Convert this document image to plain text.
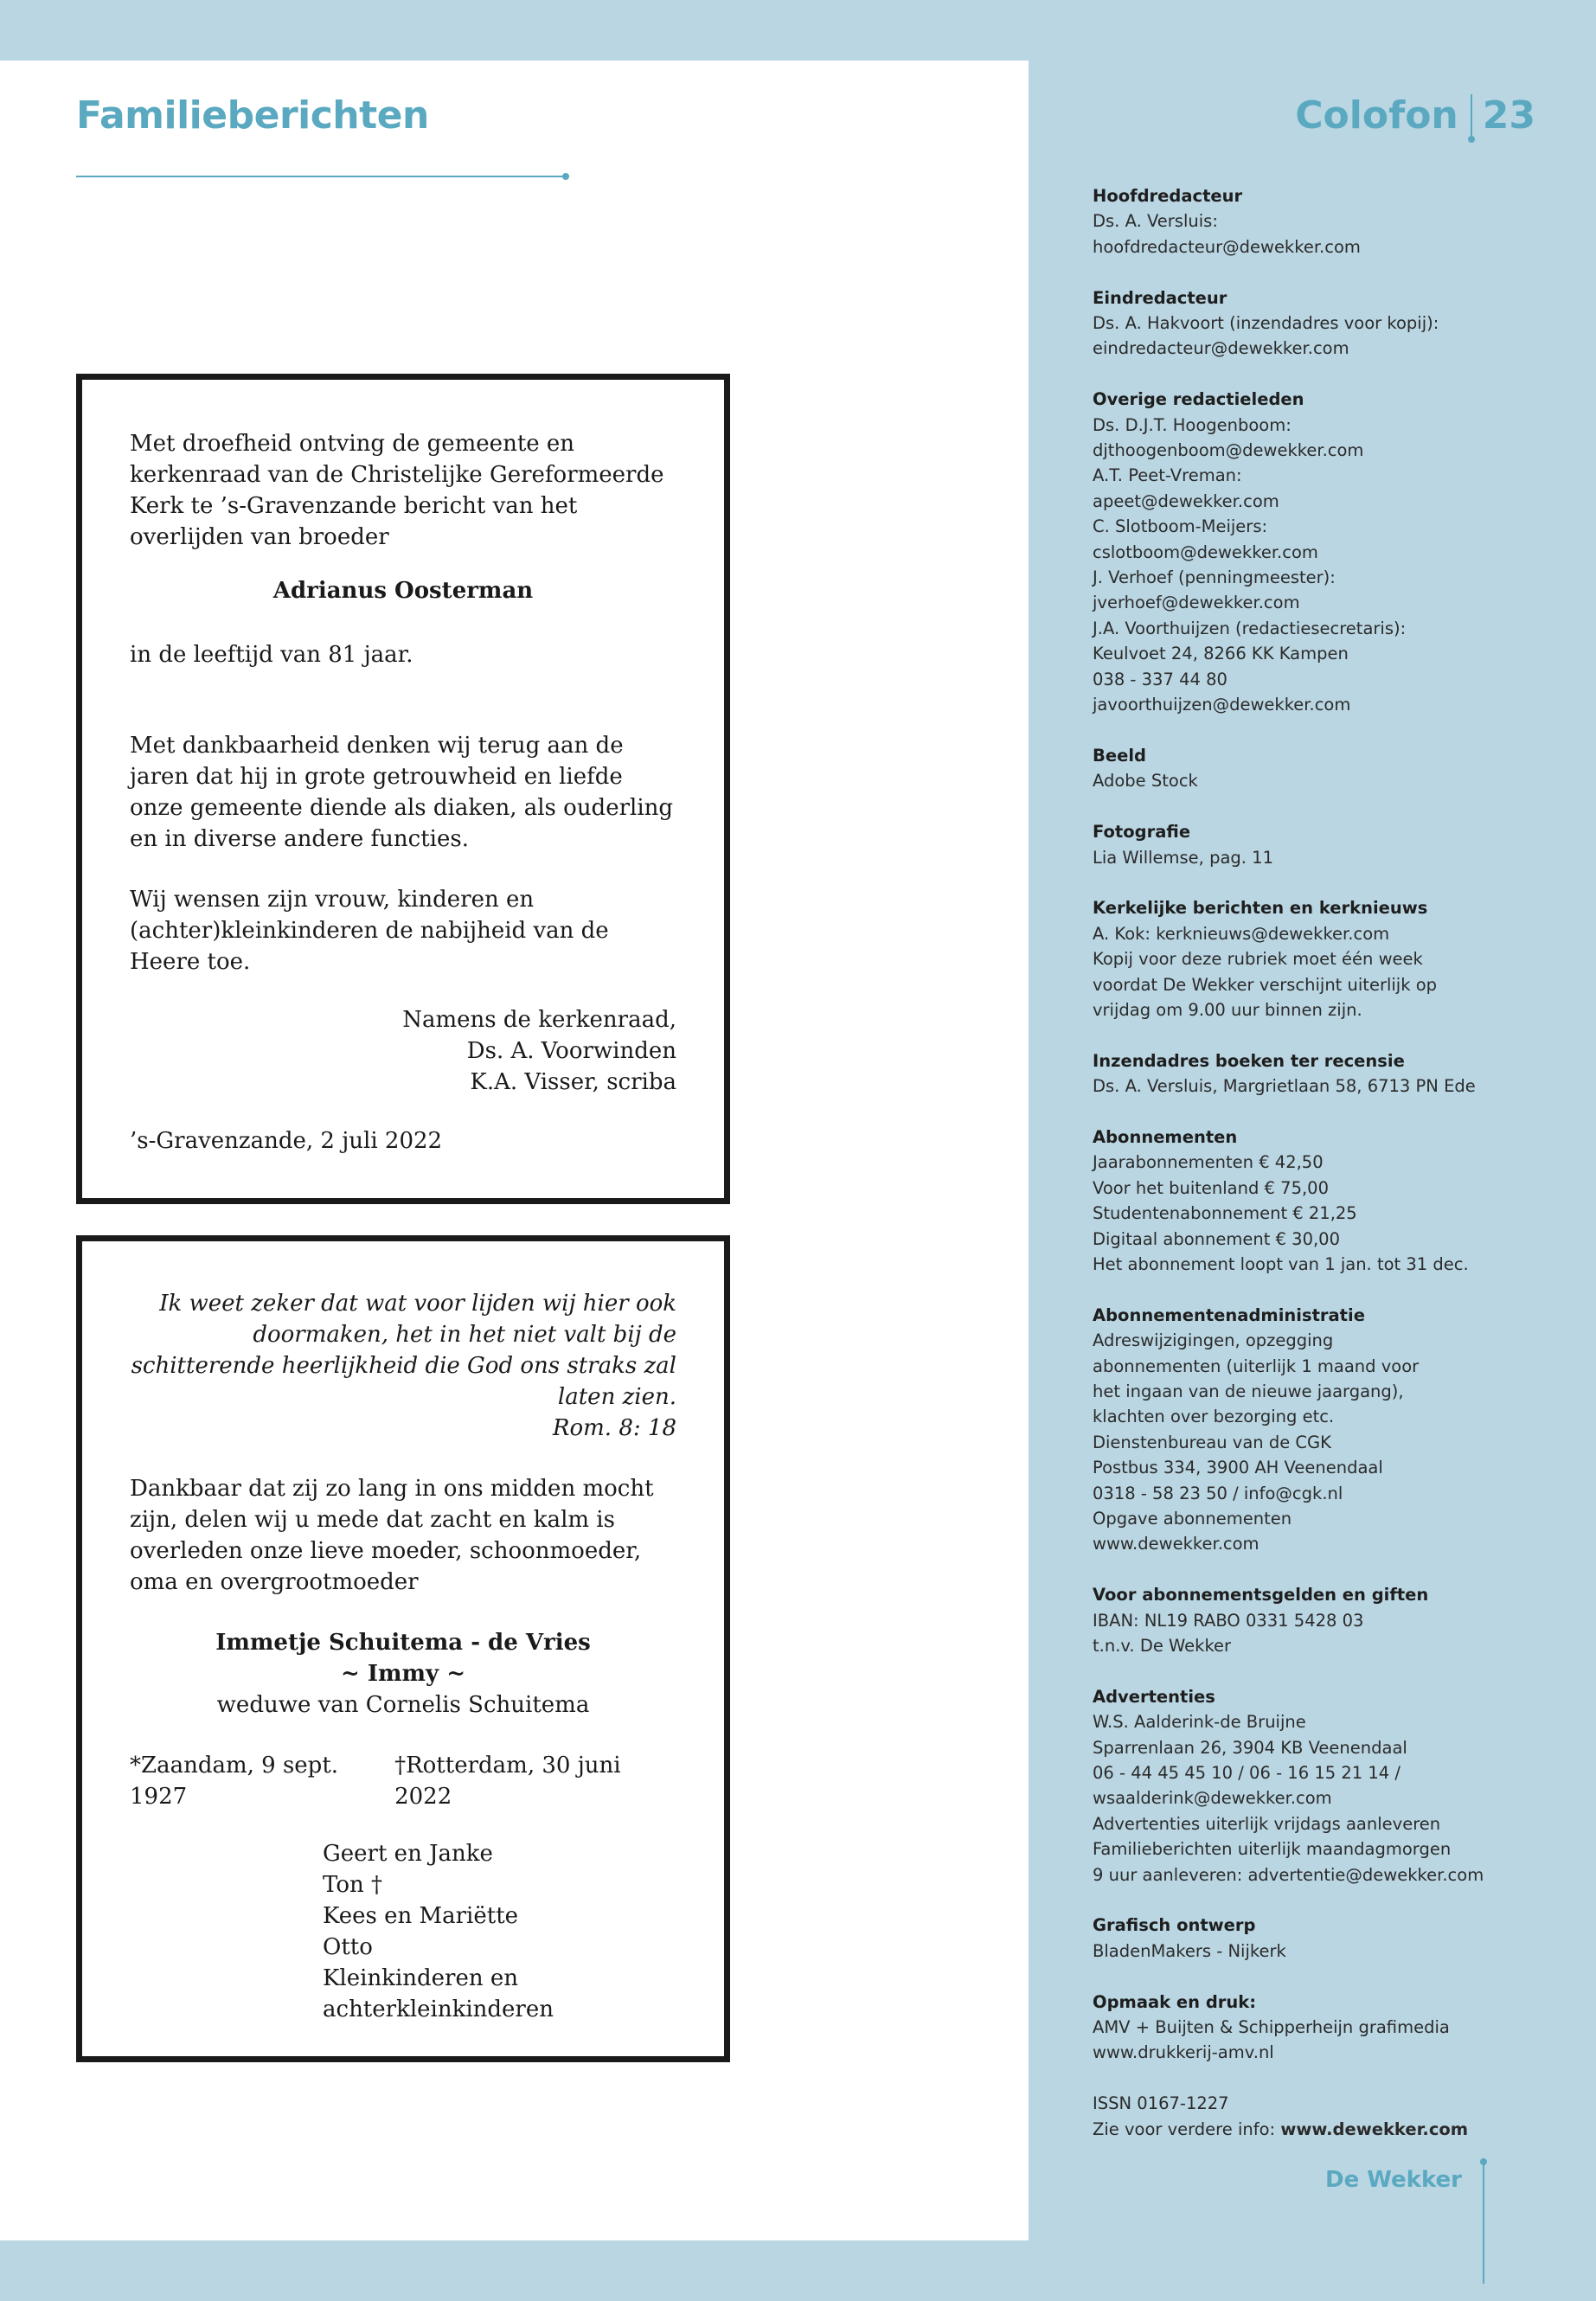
Familieberichten

Met droefheid ontving de gemeente en kerkenraad van de Christelijke Gereformeerde Kerk te ’s-Gravenzande bericht van het overlijden van broeder

Adrianus Oosterman

in de leeftijd van 81 jaar.

Met dankbaarheid denken wij terug aan de jaren dat hij in grote getrouwheid en liefde onze gemeente diende als diaken, als ouderling en in diverse andere functies.

Wij wensen zijn vrouw, kinderen en (achter)kleinkinderen de nabijheid van de Heere toe.

Namens de kerkenraad,

Ds. A. Voorwinden

K.A. Visser, scriba

’s-Gravenzande, 2 juli 2022

Ik weet zeker dat wat voor lijden wij hier ook doormaken, het in het niet valt bij de schitterende heerlijkheid die God ons straks zal laten zien.

Rom. 8: 18

Dankbaar dat zij zo lang in ons midden mocht zijn, delen wij u mede dat zacht en kalm is overleden onze lieve moeder, schoonmoeder, oma en overgrootmoeder

Immetje Schuitema - de Vries

~ Immy ~

weduwe van Cornelis Schuitema

*Zaandam, 9 sept. 1927
†Rotterdam, 30 juni 2022

Geert en Janke

Ton †

Kees en Mariëtte

Otto

Kleinkinderen en

achterkleinkinderen

Colofon 23
Hoofdredacteur
Ds. A. Versluis:
hoofdredacteur@dewekker.com
Eindredacteur
Ds. A. Hakvoort (inzendadres voor kopij):
eindredacteur@dewekker.com
Overige redactieleden
Ds. D.J.T. Hoogenboom:
djthoogenboom@dewekker.com
A.T. Peet-Vreman:
apeet@dewekker.com
C. Slotboom-Meijers:
cslotboom@dewekker.com
J. Verhoef (penningmeester):
jverhoef@dewekker.com
J.A. Voorthuijzen (redactiesecretaris):
Keulvoet 24, 8266 KK Kampen
038 - 337 44 80
javoorthuijzen@dewekker.com
Beeld
Adobe Stock
Fotografie
Lia Willemse, pag. 11
Kerkelijke berichten en kerknieuws
A. Kok: kerknieuws@dewekker.com
Kopij voor deze rubriek moet één week
voordat De Wekker verschijnt uiterlijk op
vrijdag om 9.00 uur binnen zijn.
Inzendadres boeken ter recensie
Ds. A. Versluis, Margrietlaan 58, 6713 PN Ede
Abonnementen
Jaarabonnementen € 42,50
Voor het buitenland € 75,00
Studentenabonnement € 21,25
Digitaal abonnement € 30,00
Het abonnement loopt van 1 jan. tot 31 dec.
Abonnementenadministratie
Adreswijzigingen, opzegging
abonnementen (uiterlijk 1 maand voor
het ingaan van de nieuwe jaargang),
klachten over bezorging etc.
Dienstenbureau van de CGK
Postbus 334, 3900 AH Veenendaal
0318 - 58 23 50 / info@cgk.nl
Opgave abonnementen
www.dewekker.com
Voor abonnementsgelden en giften
IBAN: NL19 RABO 0331 5428 03
t.n.v. De Wekker
Advertenties
W.S. Aalderink-de Bruijne
Sparrenlaan 26, 3904 KB Veenendaal
06 - 44 45 45 10 / 06 - 16 15 21 14 /
wsaalderink@dewekker.com
Advertenties uiterlijk vrijdags aanleveren
Familieberichten uiterlijk maandagmorgen
9 uur aanleveren: advertentie@dewekker.com
Grafisch ontwerp
BladenMakers - Nijkerk
Opmaak en druk:
AMV + Buijten & Schipperheijn grafimedia
www.drukkerij-amv.nl
ISSN 0167-1227
Zie voor verdere info: www.dewekker.com
De Wekker
